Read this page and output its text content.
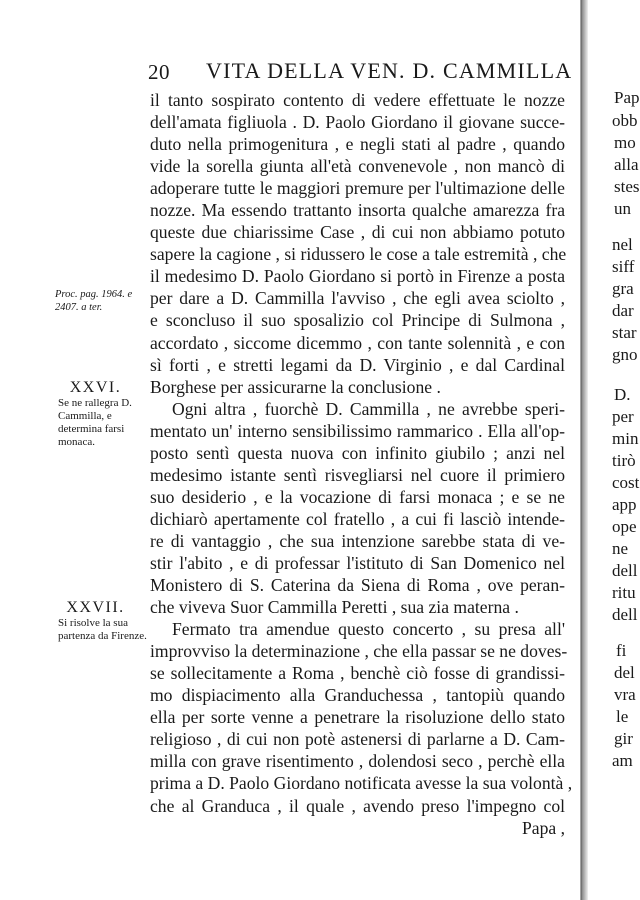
20 VITA DELLA VEN. D. CAMMILLA
il tanto sospirato contento di vedere effettuate le nozze
dell'amata figliuola . D. Paolo Giordano il giovane succe-
duto nella primogenitura , e negli stati al padre , quando
vide la sorella giunta all'età convenevole , non mancò di
adoperare tutte le maggiori premure per l'ultimazione delle
nozze. Ma essendo trattanto insorta qualche amarezza fra
queste due chiarissime Case , di cui non abbiamo potuto
sapere la cagione , si ridussero le cose a tale estremità , che
il medesimo D. Paolo Giordano si portò in Firenze a posta
per dare a D. Cammilla l'avviso , che egli avea sciolto ,
e sconcluso il suo sposalizio col Principe di Sulmona ,
accordato , siccome dicemmo , con tante solennità , e con
sì forti , e stretti legami da D. Virginio , e dal Cardinal
Borghese per assicurarne la conclusione .
Ogni altra , fuorchè D. Cammilla , ne avrebbe speri-
mentato un' interno sensibilissimo rammarico . Ella all'op-
posto sentì questa nuova con infinito giubilo ; anzi nel
medesimo istante sentì risvegliarsi nel cuore il primiero
suo desiderio , e la vocazione di farsi monaca ; e se ne
dichiarò apertamente col fratello , a cui fi lasciò intende-
re di vantaggio , che sua intenzione sarebbe stata di ve-
stir l'abito , e di professar l'istituto di San Domenico nel
Monistero di S. Caterina da Siena di Roma , ove peran-
che viveva Suor Cammilla Peretti , sua zia materna .
Fermato tra amendue questo concerto , su presa all'
improvviso la determinazione , che ella passar se ne doves-
se sollecitamente a Roma , benchè ciò fosse di grandissi-
mo dispiacimento alla Granduchessa , tantopiù quando
ella per sorte venne a penetrare la risoluzione dello stato
religioso , di cui non potè astenersi di parlarne a D. Cam-
milla con grave risentimento , dolendosi seco , perchè ella
prima a D. Paolo Giordano notificata avesse la sua volontà ,
che al Granduca , il quale , avendo preso l'impegno col
Papa ,
Proc. pag. 1964. e 2407. a ter.
XXVI.
Se ne rallegra D. Cammilla, e determina farsi monaca.
XXVII.
Si risolve la sua partenza da Firenze.
Pap
obb
mo
alla
stes
un
nel
siff
gra
dar
star
gno
D.
per
min
tirò
cost
app
ope
ne
dell
ritu
dell
fi
del
vra
le
gir
am
